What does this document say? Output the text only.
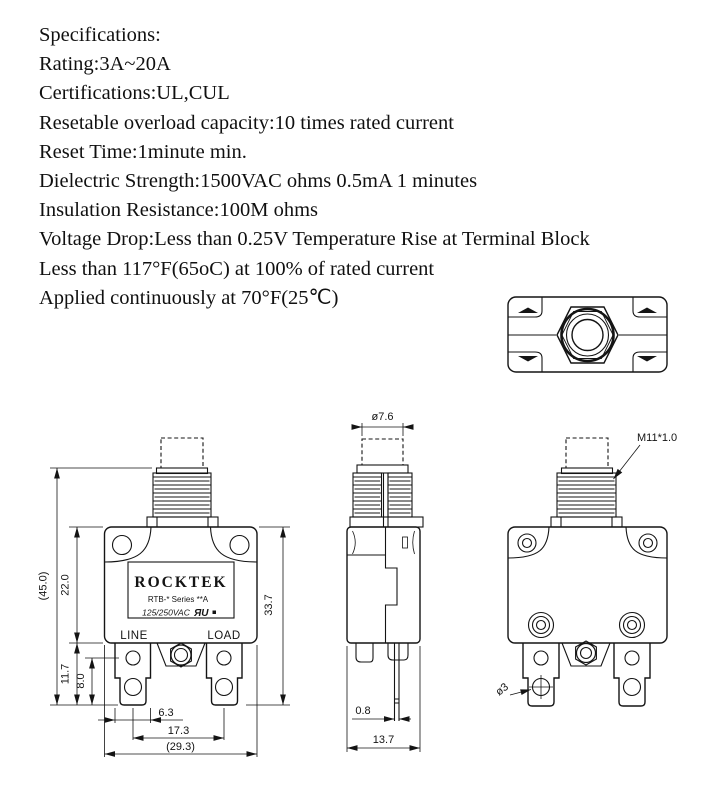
Specifications:
Rating:3A~20A
Certifications:UL,CUL
Resetable overload capacity:10 times rated current
Reset Time:1minute min.
Dielectric Strength:1500VAC ohms 0.5mA 1 minutes
Insulation Resistance:100M ohms
Voltage Drop:Less than 0.25V Temperature Rise at Terminal Block
Less than 117°F(65oC) at 100% of rated current
Applied continuously at 70°F(25℃)
ROCKTEK
RTB-* Series **A
125/250VAC ЯU
LINE	LOAD
(45.0) 22.0
11.7 8.0
33.7
6.3
17.3
(29.3)
ø7.6
0.8
13.7
M11*1.0
ø3
